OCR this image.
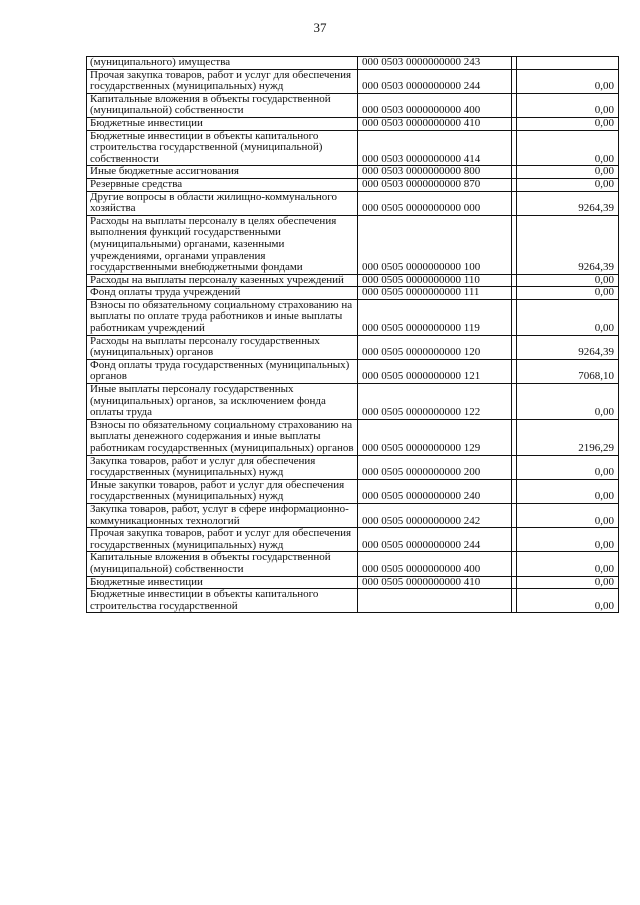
37
(муниципального) имущества	000 0503 0000000000 243		
Прочая закупка товаров, работ и услуг для обеспечения государственных (муниципальных) нужд	000 0503 0000000000 244		0,00
Капитальные вложения в объекты государственной (муниципальной) собственности	000 0503 0000000000 400		0,00
Бюджетные инвестиции	000 0503 0000000000 410		0,00
Бюджетные инвестиции в объекты капитального строительства государственной (муниципальной) собственности	000 0503 0000000000 414		0,00
Иные бюджетные ассигнования	000 0503 0000000000 800		0,00
Резервные средства	000 0503 0000000000 870		0,00
Другие вопросы в области жилищно-коммунального хозяйства	000 0505 0000000000 000		9264,39
Расходы на выплаты персоналу в целях обеспечения выполнения функций государственными (муниципальными) органами, казенными учреждениями, органами управления государственными внебюджетными фондами	000 0505 0000000000 100		9264,39
Расходы на выплаты персоналу казенных учреждений	000 0505 0000000000 110		0,00
Фонд оплаты труда учреждений	000 0505 0000000000 111		0,00
Взносы по обязательному социальному страхованию на выплаты по оплате труда работников и иные выплаты работникам учреждений	000 0505 0000000000 119		0,00
Расходы на выплаты персоналу государственных (муниципальных) органов	000 0505 0000000000 120		9264,39
Фонд оплаты труда государственных (муниципальных) органов	000 0505 0000000000 121		7068,10
Иные выплаты персоналу государственных (муниципальных) органов, за исключением фонда оплаты труда	000 0505 0000000000 122		0,00
Взносы по обязательному социальному страхованию на выплаты денежного содержания и иные выплаты работникам государственных (муниципальных) органов	000 0505 0000000000 129		2196,29
Закупка товаров, работ и услуг для обеспечения государственных (муниципальных) нужд	000 0505 0000000000 200		0,00
Иные закупки товаров, работ и услуг для обеспечения государственных (муниципальных) нужд	000 0505 0000000000 240		0,00
Закупка товаров, работ, услуг в сфере информационно-коммуникационных технологий	000 0505 0000000000 242		0,00
Прочая закупка товаров, работ и услуг для обеспечения государственных (муниципальных) нужд	000 0505 0000000000 244		0,00
Капитальные вложения в объекты государственной (муниципальной) собственности	000 0505 0000000000 400		0,00
Бюджетные инвестиции	000 0505 0000000000 410		0,00
Бюджетные инвестиции в объекты капитального строительства государственной			0,00
